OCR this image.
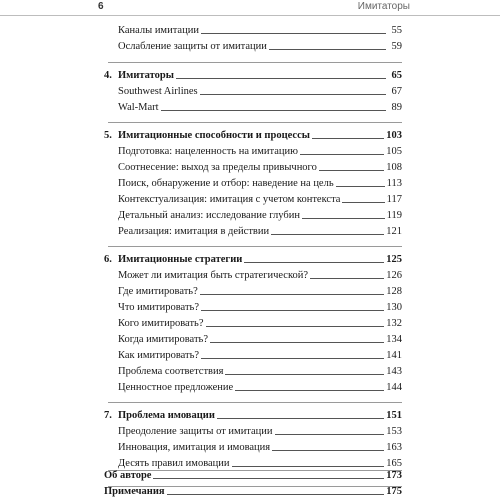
6	Имитаторы
Каналы имитации	55
Ослабление защиты от имитации	59
4. Имитаторы	65
Southwest Airlines	67
Wal-Mart	89
5. Имитационные способности и процессы	103
Подготовка: нацеленность на имитацию	105
Соотнесение: выход за пределы привычного	108
Поиск, обнаружение и отбор: наведение на цель	113
Контекстуализация: имитация с учетом контекста	117
Детальный анализ: исследование глубин	119
Реализация: имитация в действии	121
6. Имитационные стратегии	125
Может ли имитация быть стратегической?	126
Где имитировать?	128
Что имитировать?	130
Кого имитировать?	132
Когда имитировать?	134
Как имитировать?	141
Проблема соответствия	143
Ценностное предложение	144
7. Проблема имовации	151
Преодоление защиты от имитации	153
Инновация, имитация и имовация	163
Десять правил имовации	165
Об авторе	173
Примечания	175
